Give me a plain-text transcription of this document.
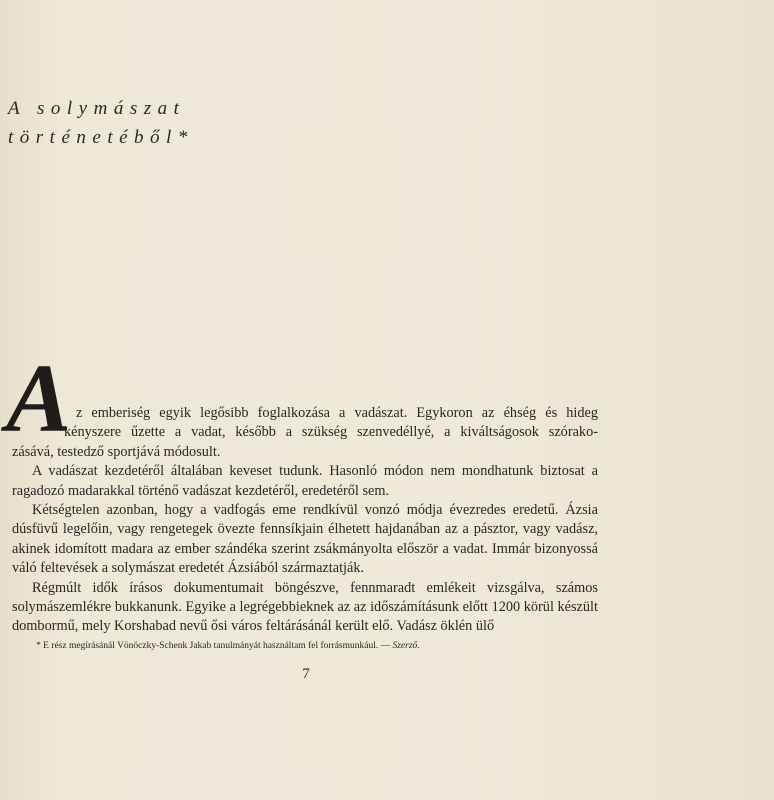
A solymászat
történetéből*
A z emberiség egyik legősibb foglalkozása a vadászat. Egykoron az éhség és hideg
kényszere űzette a vadat, később a szükség szenvedéllyé, a kiváltságosok szórako-
zásává, testedző sportjává módosult.

A vadászat kezdetéről általában keveset tudunk. Hasonló módon nem mondhatunk biztosat a ragadozó madarakkal történő vadászat kezdetéről, eredetéről sem.

Kétségtelen azonban, hogy a vadfogás eme rendkívül vonzó módja évezredes eredetű. Ázsia dúsfüvű legelőin, vagy rengetegek övezte fennsíkjain élhetett hajdanában az a pásztor, vagy vadász, akinek idomított madara az ember szándéka szerint zsákmányolta először a vadat. Immár bizonyossá váló feltevések a solymászat eredetét Ázsiából származtatják.

Régmúlt idők írásos dokumentumait böngészve, fennmaradt emlékeit vizsgálva, számos solymászemlékre bukkanunk. Egyike a legrégebbieknek az az időszámításunk előtt 1200 körül készült dombormű, mely Korshabad nevű ősi város feltárásánál került elő. Vadász öklén ülő

* E rész megírásánál Vönöczky-Schenk Jakab tanulmányát használtam fel forrásmunkául. — Szerző.
7
